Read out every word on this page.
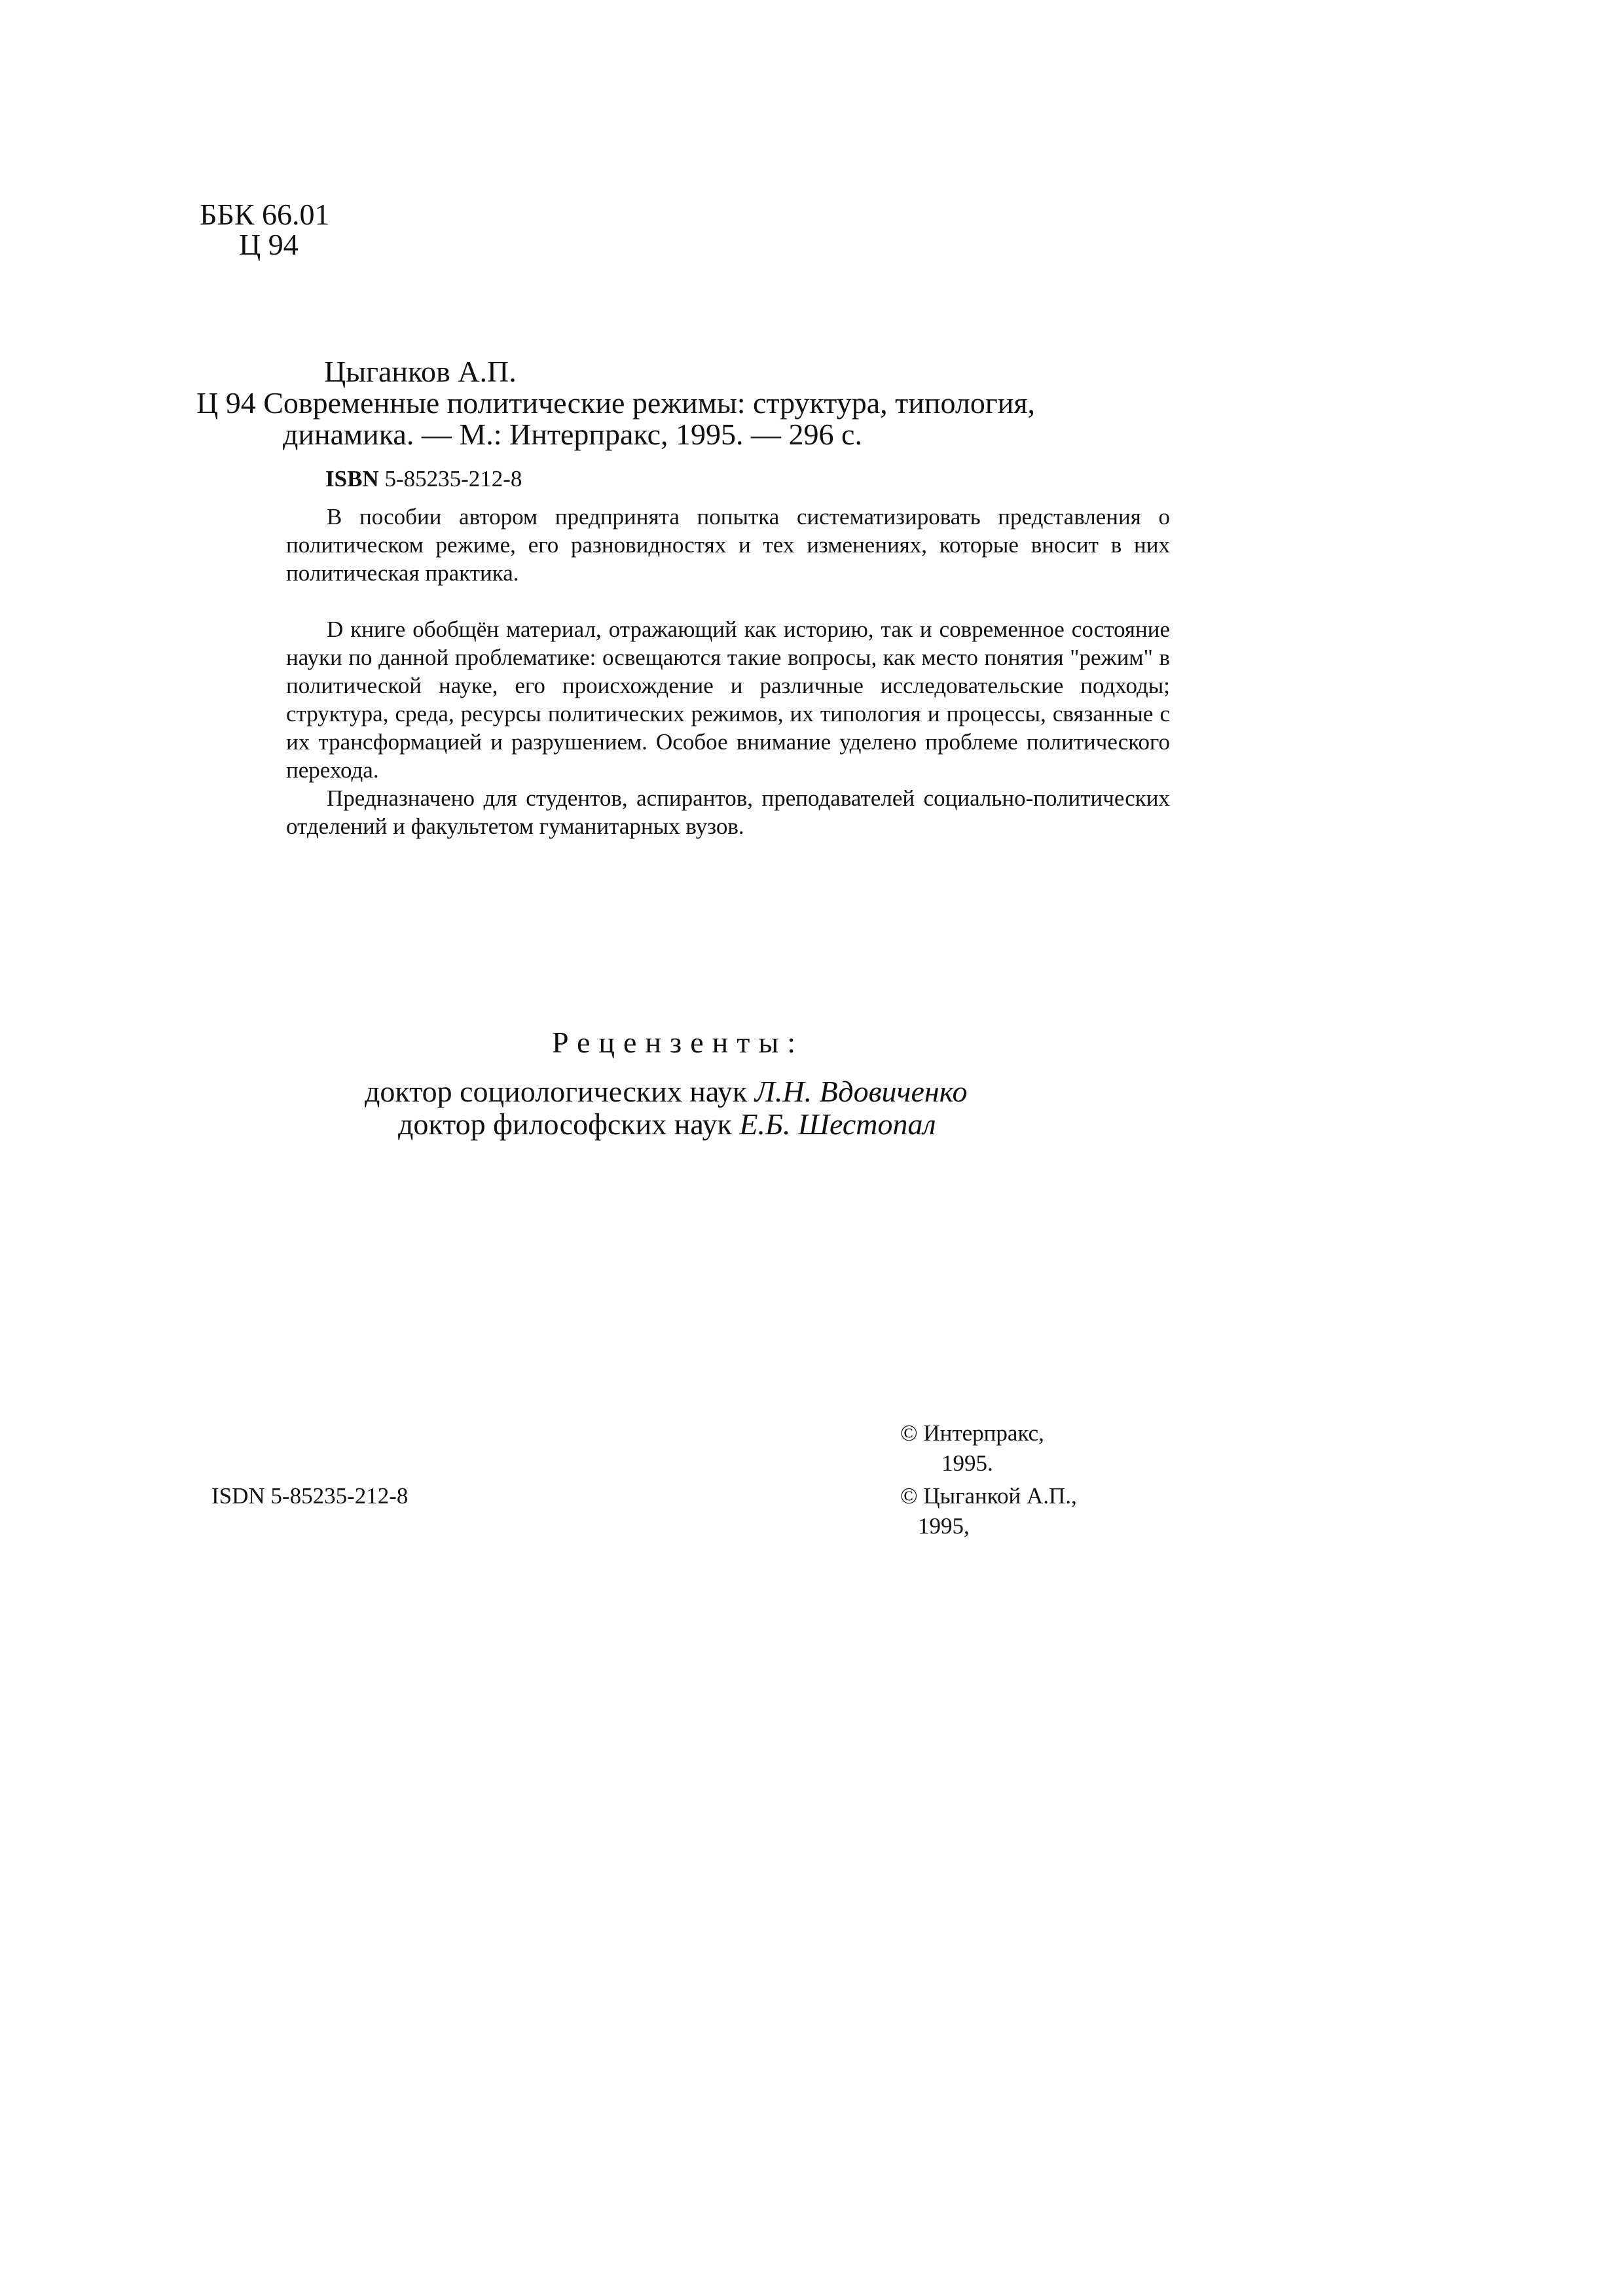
ББК 66.01
Ц 94
Цыганков А.П.
Ц 94 Современные политические режимы: структура, типология,
динамика. — М.: Интерпракс, 1995. — 296 с.
ISBN 5-85235-212-8

В пособии автором предпринята попытка систематизировать представления о политическом режиме, его разновидностях и тех изменениях, которые вносит в них политическая практика.

D книге обобщён материал, отражающий как историю, так и современное состояние науки по данной проблематике: освещаются такие вопросы, как место понятия "режим" в политической науке, его происхождение и различные исследовательские подходы; структура, среда, ресурсы политических режимов, их типология и процессы, связанные с их трансформацией и разрушением. Особое внимание уделено проблеме политического перехода.

Предназначено для студентов, аспирантов, преподавателей социально-политических отделений и факультетом гуманитарных вузов.

Рецензенты:
доктор социологических наук Л.Н. Вдовиченко
доктор философских наук Е.Б. Шестопал
© Интерпракс,
1995.
ISDN 5-85235-212-8	© Цыганкой А.П.,
1995,
